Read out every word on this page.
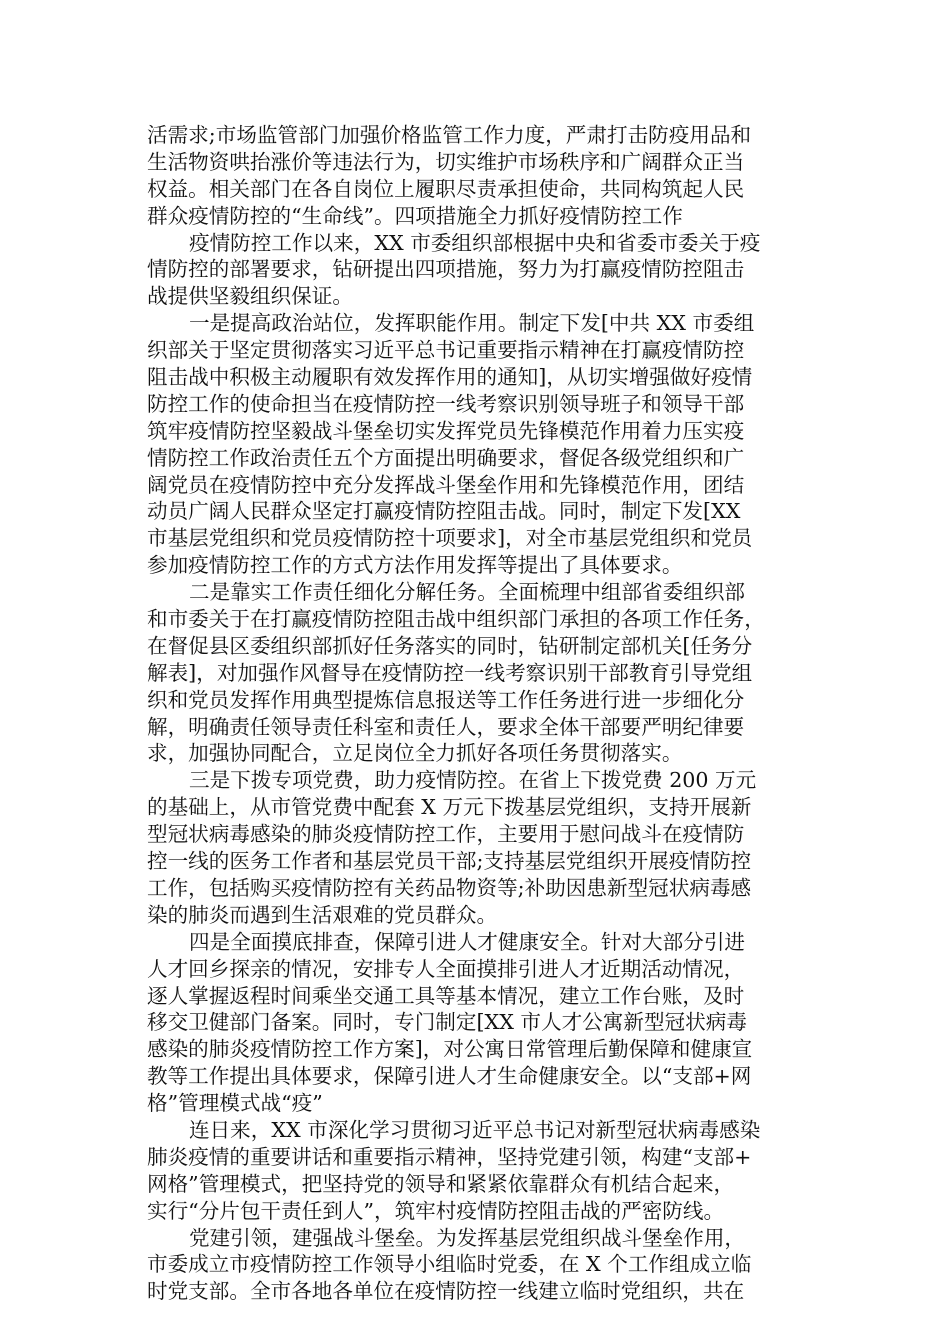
活需求;市场监管部门加强价格监管工作力度，严肃打击防疫用品和
生活物资哄抬涨价等违法行为，切实维护市场秩序和广阔群众正当
权益。相关部门在各自岗位上履职尽责承担使命，共同构筑起人民
群众疫情防控的“生命线”。四项措施全力抓好疫情防控工作
疫情防控工作以来，XX 市委组织部根据中央和省委市委关于疫
情防控的部署要求，钻研提出四项措施，努力为打赢疫情防控阻击
战提供坚毅组织保证。
一是提高政治站位，发挥职能作用。制定下发[中共 XX 市委组
织部关于坚定贯彻落实习近平总书记重要指示精神在打赢疫情防控
阻击战中积极主动履职有效发挥作用的通知]，从切实增强做好疫情
防控工作的使命担当在疫情防控一线考察识别领导班子和领导干部
筑牢疫情防控坚毅战斗堡垒切实发挥党员先锋模范作用着力压实疫
情防控工作政治责任五个方面提出明确要求，督促各级党组织和广
阔党员在疫情防控中充分发挥战斗堡垒作用和先锋模范作用，团结
动员广阔人民群众坚定打赢疫情防控阻击战。同时，制定下发[XX
市基层党组织和党员疫情防控十项要求]，对全市基层党组织和党员
参加疫情防控工作的方式方法作用发挥等提出了具体要求。
二是靠实工作责任细化分解任务。全面梳理中组部省委组织部
和市委关于在打赢疫情防控阻击战中组织部门承担的各项工作任务，
在督促县区委组织部抓好任务落实的同时，钻研制定部机关[任务分
解表]，对加强作风督导在疫情防控一线考察识别干部教育引导党组
织和党员发挥作用典型提炼信息报送等工作任务进行进一步细化分
解，明确责任领导责任科室和责任人，要求全体干部要严明纪律要
求，加强协同配合，立足岗位全力抓好各项任务贯彻落实。
三是下拨专项党费，助力疫情防控。在省上下拨党费 200 万元
的基础上，从市管党费中配套 X 万元下拨基层党组织，支持开展新
型冠状病毒感染的肺炎疫情防控工作，主要用于慰问战斗在疫情防
控一线的医务工作者和基层党员干部;支持基层党组织开展疫情防控
工作，包括购买疫情防控有关药品物资等;补助因患新型冠状病毒感
染的肺炎而遇到生活艰难的党员群众。
四是全面摸底排查，保障引进人才健康安全。针对大部分引进
人才回乡探亲的情况，安排专人全面摸排引进人才近期活动情况，
逐人掌握返程时间乘坐交通工具等基本情况，建立工作台账，及时
移交卫健部门备案。同时，专门制定[XX 市人才公寓新型冠状病毒
感染的肺炎疫情防控工作方案]，对公寓日常管理后勤保障和健康宣
教等工作提出具体要求，保障引进人才生命健康安全。以“支部+网
格”管理模式战“疫”
连日来，XX 市深化学习贯彻习近平总书记对新型冠状病毒感染
肺炎疫情的重要讲话和重要指示精神，坚持党建引领，构建“支部+
网格”管理模式，把坚持党的领导和紧紧依靠群众有机结合起来，
实行“分片包干责任到人”，筑牢村疫情防控阻击战的严密防线。
党建引领，建强战斗堡垒。为发挥基层党组织战斗堡垒作用，
市委成立市疫情防控工作领导小组临时党委，在 X 个工作组成立临
时党支部。全市各地各单位在疫情防控一线建立临时党组织，共在
